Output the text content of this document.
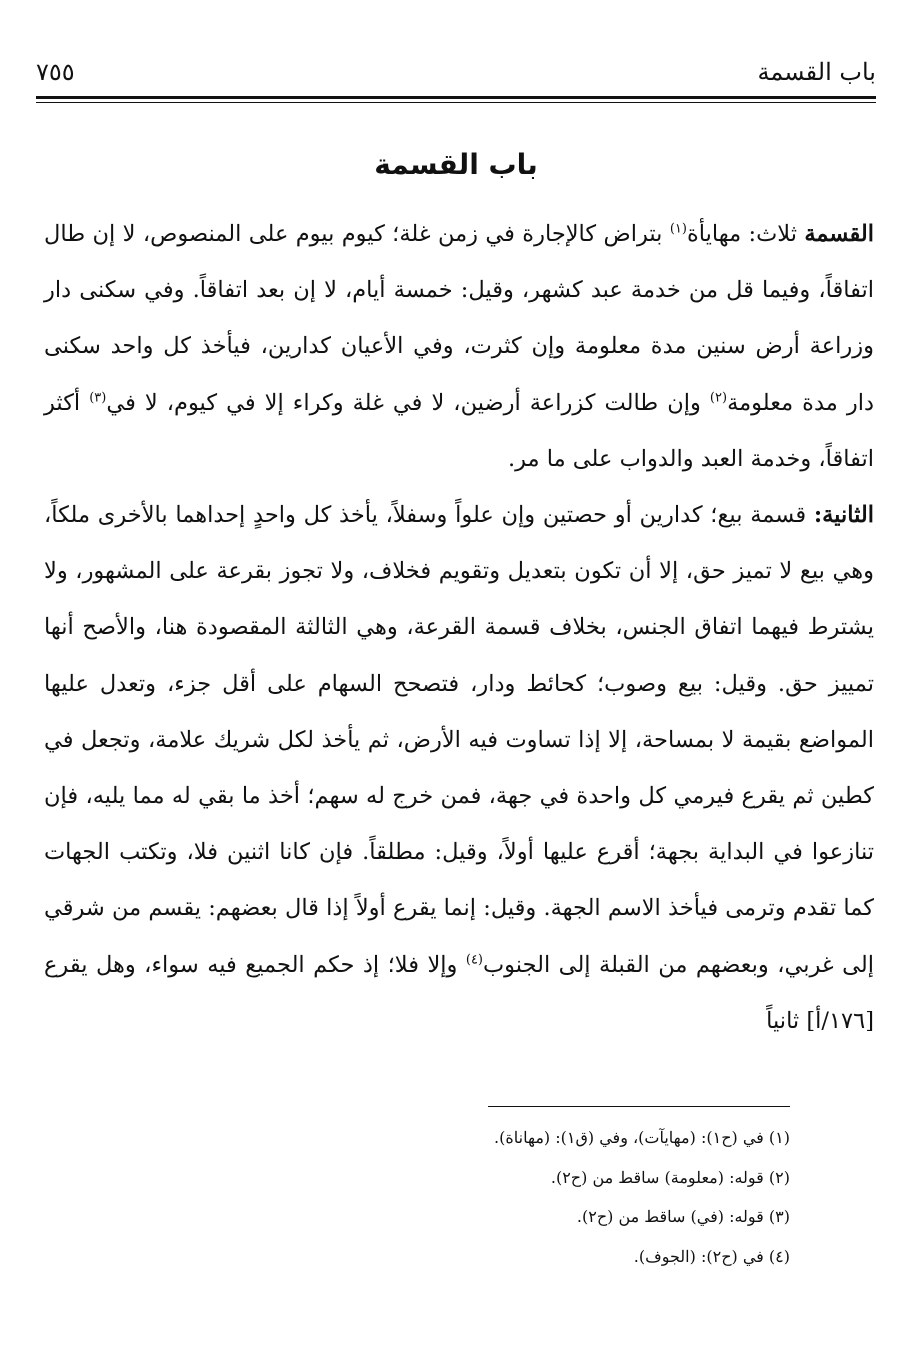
باب القسمة
٧٥٥
باب القسمة

القسمة ثلاث: مهايأة$^{(١)}$ بتراض كالإجارة في زمن غلة؛ كيوم بيوم على المنصوص، لا إن طال اتفاقاً، وفيما قل من خدمة عبد كشهر، وقيل: خمسة أيام، لا إن بعد اتفاقاً. وفي سكنى دار وزراعة أرض سنين مدة معلومة وإن كثرت، وفي الأعيان كدارين، فيأخذ كل واحد سكنى دار مدة معلومة$^{(٢)}$ وإن طالت كزراعة أرضين، لا في غلة وكراء إلا في كيوم، لا في$^{(٣)}$ أكثر اتفاقاً، وخدمة العبد والدواب على ما مر.

الثانية: قسمة بيع؛ كدارين أو حصتين وإن علواً وسفلاً، يأخذ كل واحدٍ إحداهما بالأخرى ملكاً، وهي بيع لا تميز حق، إلا أن تكون بتعديل وتقويم فخلاف، ولا تجوز بقرعة على المشهور، ولا يشترط فيهما اتفاق الجنس، بخلاف قسمة القرعة، وهي الثالثة المقصودة هنا، والأصح أنها تمييز حق. وقيل: بيع وصوب؛ كحائط ودار، فتصحح السهام على أقل جزء، وتعدل عليها المواضع بقيمة لا بمساحة، إلا إذا تساوت فيه الأرض، ثم يأخذ لكل شريك علامة، وتجعل في كطين ثم يقرع فيرمي كل واحدة في جهة، فمن خرج له سهم؛ أخذ ما بقي له مما يليه، فإن تنازعوا في البداية بجهة؛ أقرع عليها أولاً، وقيل: مطلقاً. فإن كانا اثنين فلا، وتكتب الجهات كما تقدم وترمى فيأخذ الاسم الجهة. وقيل: إنما يقرع أولاً إذا قال بعضهم: يقسم من شرقي إلى غربي، وبعضهم من القبلة إلى الجنوب$^{(٤)}$ وإلا فلا؛ إذ حكم الجميع فيه سواء، وهل يقرع [١٧٦/أ] ثانياً

(١) في (ح١): (مهايآت)، وفي (ق١): (مهاناة).

(٢) قوله: (معلومة) ساقط من (ح٢).

(٣) قوله: (في) ساقط من (ح٢).

(٤) في (ح٢): (الجوف).
